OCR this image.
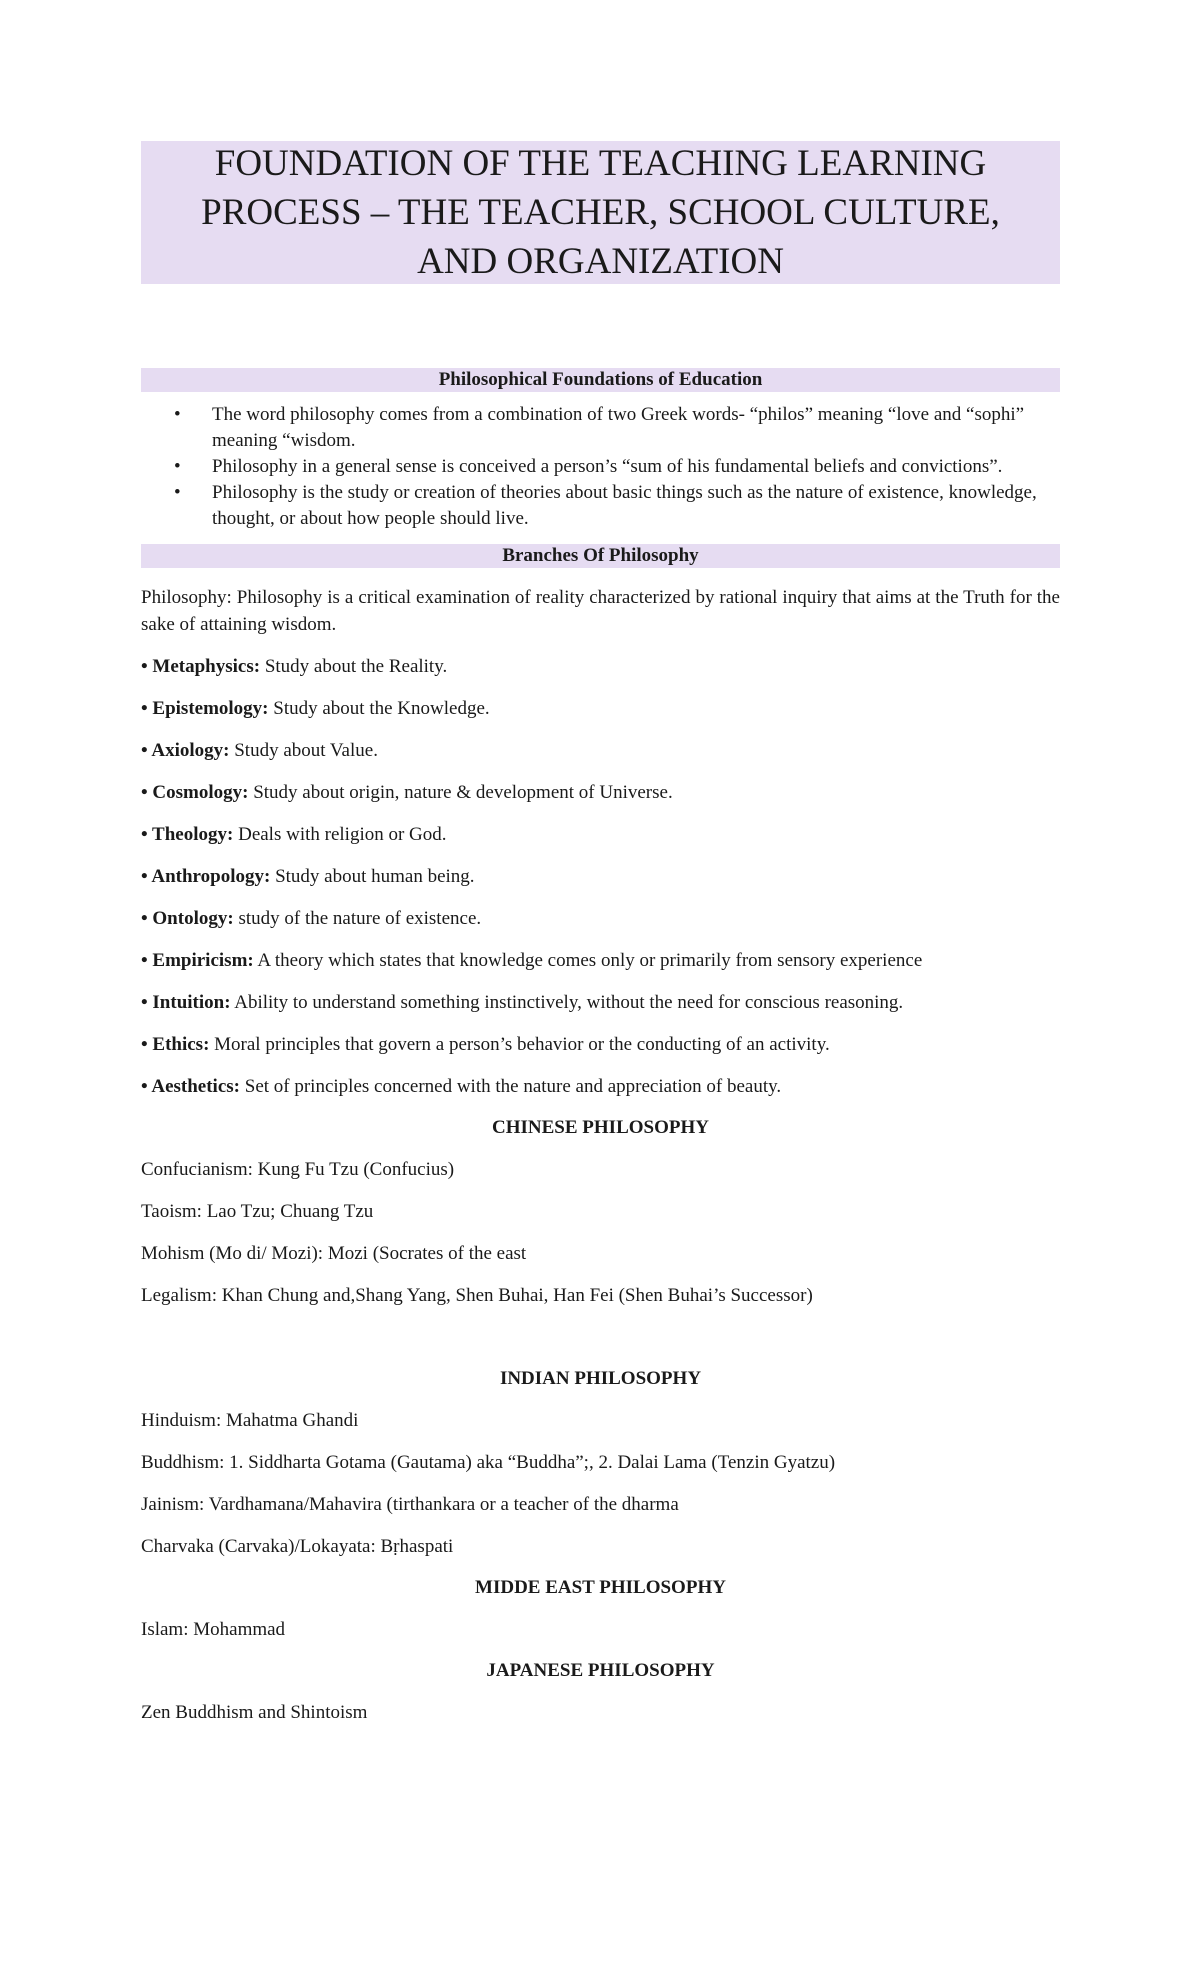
FOUNDATION OF THE TEACHING LEARNING PROCESS – THE TEACHER, SCHOOL CULTURE, AND ORGANIZATION
Philosophical Foundations of Education
• The word philosophy comes from a combination of two Greek words- “philos” meaning “love and “sophi” meaning “wisdom.
• Philosophy in a general sense is conceived a person’s “sum of his fundamental beliefs and convictions”.
• Philosophy is the study or creation of theories about basic things such as the nature of existence, knowledge, thought, or about how people should live.
Branches Of Philosophy
Philosophy: Philosophy is a critical examination of reality characterized by rational inquiry that aims at the Truth for the sake of attaining wisdom.
• Metaphysics: Study about the Reality.
• Epistemology: Study about the Knowledge.
• Axiology: Study about Value.
• Cosmology: Study about origin, nature & development of Universe.
• Theology: Deals with religion or God.
• Anthropology: Study about human being.
• Ontology: study of the nature of existence.
• Empiricism: A theory which states that knowledge comes only or primarily from sensory experience
• Intuition: Ability to understand something instinctively, without the need for conscious reasoning.
• Ethics: Moral principles that govern a person’s behavior or the conducting of an activity.
• Aesthetics: Set of principles concerned with the nature and appreciation of beauty.
CHINESE PHILOSOPHY
Confucianism: Kung Fu Tzu (Confucius)
Taoism: Lao Tzu; Chuang Tzu
Mohism (Mo di/ Mozi): Mozi (Socrates of the east
Legalism: Khan Chung and,Shang Yang, Shen Buhai, Han Fei (Shen Buhai’s Successor)
INDIAN PHILOSOPHY
Hinduism: Mahatma Ghandi
Buddhism: 1. Siddharta Gotama (Gautama) aka “Buddha”;, 2. Dalai Lama (Tenzin Gyatzu)
Jainism: Vardhamana/Mahavira (tirthankara or a teacher of the dharma
Charvaka (Carvaka)/Lokayata: Bṛhaspati
MIDDE EAST PHILOSOPHY
Islam: Mohammad
JAPANESE PHILOSOPHY
Zen Buddhism and Shintoism
